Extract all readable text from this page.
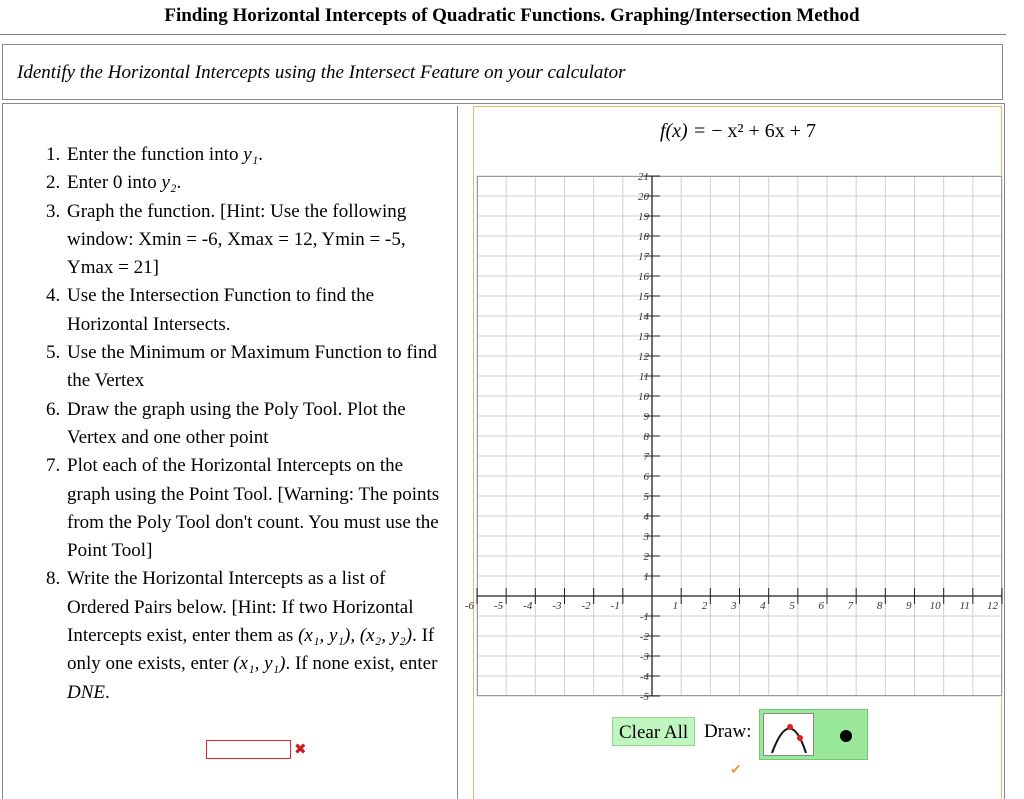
Finding Horizontal Intercepts of Quadratic Functions. Graphing/Intersection Method
Identify the Horizontal Intercepts using the Intersect Feature on your calculator
1. Enter the function into y₁.
2. Enter 0 into y₂.
3. Graph the function. [Hint: Use the following window: Xmin = -6, Xmax = 12, Ymin = -5, Ymax = 21]
4. Use the Intersection Function to find the Horizontal Intersects.
5. Use the Minimum or Maximum Function to find the Vertex
6. Draw the graph using the Poly Tool. Plot the Vertex and one other point
7. Plot each of the Horizontal Intercepts on the graph using the Point Tool. [Warning: The points from the Poly Tool don't count. You must use the Point Tool]
8. Write the Horizontal Intercepts as a list of Ordered Pairs below. [Hint: If two Horizontal Intercepts exist, enter them as (x₁, y₁), (x₂, y₂). If only one exists, enter (x₁, y₁). If none exist, enter DNE.
✖
f(x) = − x² + 6x + 7
-6 -5 -4 -3 -2 -1	1 2 3 4 5 6 7 8 9 10 11 12
-5
-4
-3
-2
-1
1
2
3
4
5
6
7
8
9
10
11
12
13
14
15
16
17
18
19
20
21
Clear All Draw:
✔
